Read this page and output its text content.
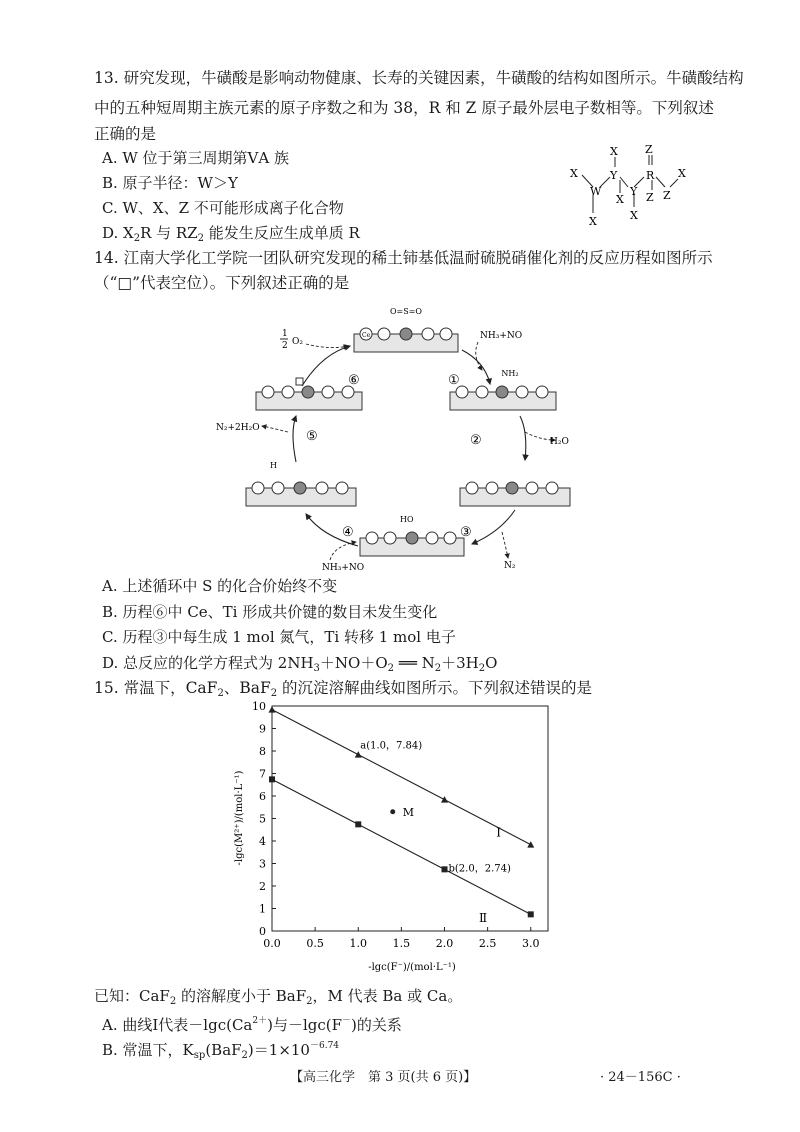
13. 研究发现，牛磺酸是影响动物健康、长寿的关键因素，牛磺酸的结构如图所示。牛磺酸结构
中的五种短周期主族元素的原子序数之和为 38，R 和 Z 原子最外层电子数相等。下列叙述
正确的是
A. W 位于第三周期第ⅤA 族
B. 原子半径：W＞Y
C. W、X、Z 不可能形成离子化合物
D. $X_2R$ 与 $RZ_2$ 能发生反应生成单质 R
X
W
X
X
Y
X
Y
X
Z
R
Z Z
X
14. 江南大学化工学院一团队研究发现的稀土铈基低温耐硫脱硝催化剂的反应历程如图所示
（“□”代表空位）。下列叙述正确的是
O=S=O
NH₂
H
HO
Ce
1
2 O₂
NH₃+NO
H₂O
N₂
NH₃+NO
N₂+2H₂O
①
②
③
④
⑤
⑥
A. 上述循环中 S 的化合价始终不变
B. 历程⑥中 Ce、Ti 形成共价键的数目未发生变化
C. 历程③中每生成 1 mol 氮气，Ti 转移 1 mol 电子
D. 总反应的化学方程式为 $2NH_3+NO+O_2$ ══ $N_2+3H_2O$
15. 常温下，CaF$_2$、BaF$_2$ 的沉淀溶解曲线如图所示。下列叙述错误的是
0
1
2
3
4
5
6
7
8
9
10
0.0 0.5 1.0 1.5 2.0 2.5 3.0
Ⅰ
Ⅱ
M
a(1.0，7.84)
b(2.0，2.74)
-lgc(M²⁺)/(mol·L⁻¹)
-lgc(F⁻)/(mol·L⁻¹)
已知：CaF$_2$ 的溶解度小于 BaF$_2$，M 代表 Ba 或 Ca。
A. 曲线Ⅰ代表$-\lg c(Ca^{2+})$与－lgc(F－)的关系
B. 常温下，$K_{sp}(BaF_2)=1\times 10^{-6.74}$
【高三化学　第 3 页(共 6 页)】	· 24－156C ·
